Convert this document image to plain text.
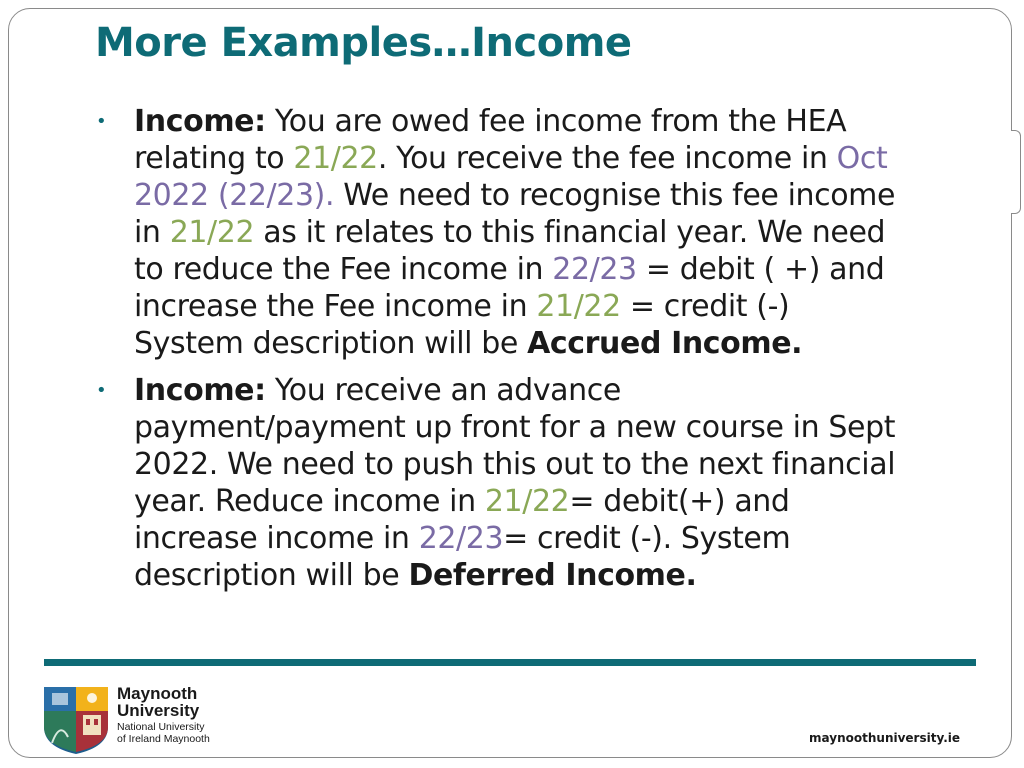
More Examples…Income
• Income: You are owed fee income from the HEA relating to 21/22. You receive the fee income in Oct 2022 (22/23). We need to recognise this fee income in 21/22 as it relates to this financial year. We need to reduce the Fee income in 22/23 = debit ( +) and increase the Fee income in 21/22 = credit (-) System description will be Accrued Income.
• Income: You receive an advance payment/payment up front for a new course in Sept 2022. We need to push this out to the next financial year. Reduce income in 21/22= debit(+) and increase income in 22/23= credit (-). System description will be Deferred Income.
Maynooth
University
National University
of Ireland Maynooth	maynoothuniversity.ie
